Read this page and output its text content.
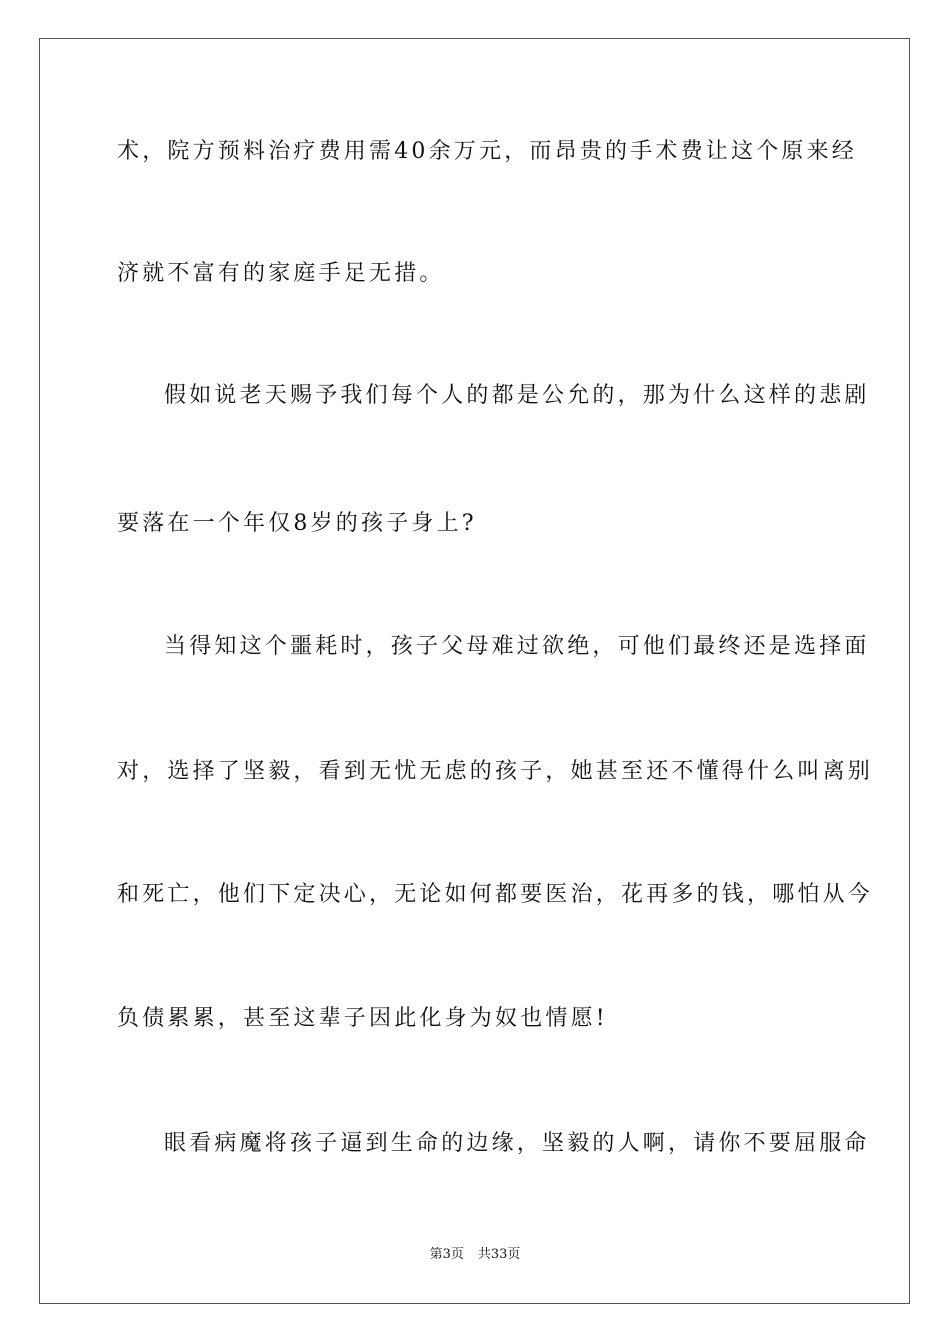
术，院方预料治疗费用需40余万元，而昂贵的手术费让这个原来经
济就不富有的家庭手足无措。
假如说老天赐予我们每个人的都是公允的，那为什么这样的悲剧
要落在一个年仅8岁的孩子身上?
当得知这个噩耗时，孩子父母难过欲绝，可他们最终还是选择面
对，选择了坚毅，看到无忧无虑的孩子，她甚至还不懂得什么叫离别
和死亡，他们下定决心，无论如何都要医治，花再多的钱，哪怕从今
负债累累，甚至这辈子因此化身为奴也情愿!
眼看病魔将孩子逼到生命的边缘，坚毅的人啊，请你不要屈服命
第3页 共33页
